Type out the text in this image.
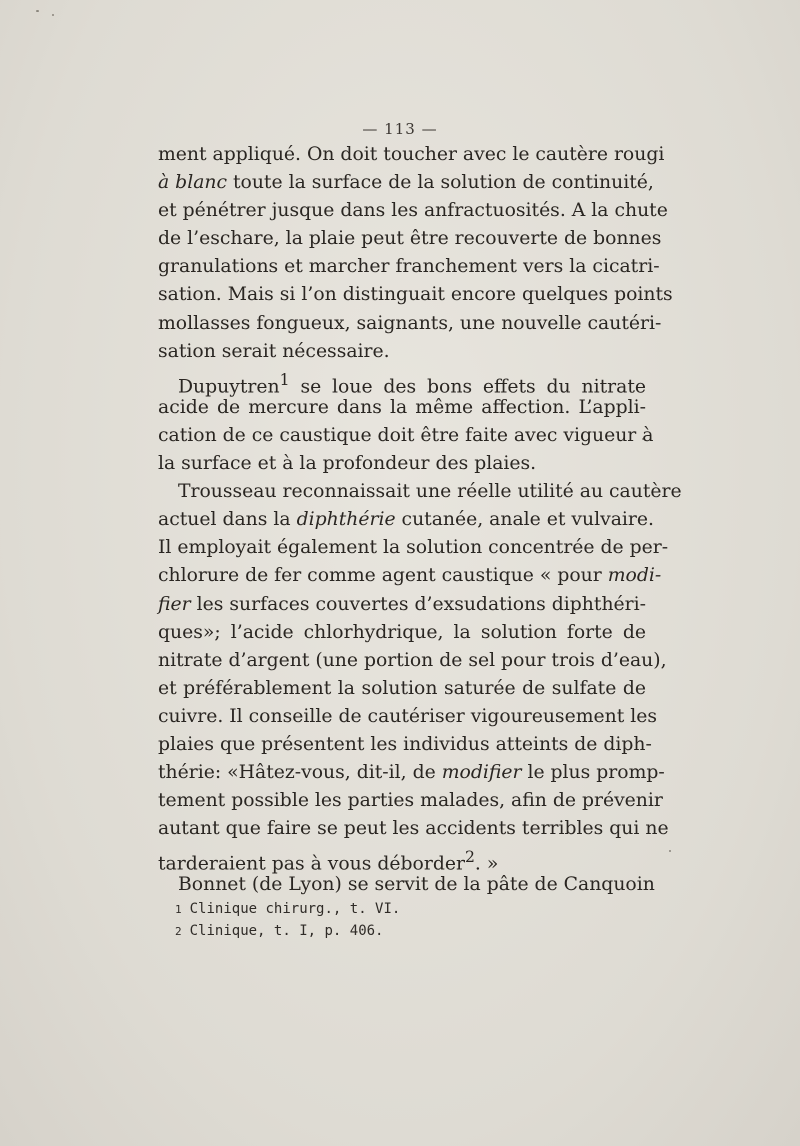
— 113 —
ment appliqué. On doit toucher avec le cautère rougi
à blanc toute la surface de la solution de continuité,
et pénétrer jusque dans les anfractuosités. A la chute
de l’eschare, la plaie peut être recouverte de bonnes
granulations et marcher franchement vers la cicatri-
sation. Mais si l’on distinguait encore quelques points
mollasses fongueux, saignants, une nouvelle cautéri-
sation serait nécessaire.
Dupuytren$^1$ se loue des bons effets du nitrate
acide de mercure dans la même affection. L’appli-
cation de ce caustique doit être faite avec vigueur à
la surface et à la profondeur des plaies.
Trousseau reconnaissait une réelle utilité au cautère
actuel dans la diphthérie cutanée, anale et vulvaire.
Il employait également la solution concentrée de per-
chlorure de fer comme agent caustique « pour modi-
fier les surfaces couvertes d’exsudations diphthéri-
ques»; l’acide chlorhydrique, la solution forte de
nitrate d’argent (une portion de sel pour trois d’eau),
et préférablement la solution saturée de sulfate de
cuivre. Il conseille de cautériser vigoureusement les
plaies que présentent les individus atteints de diph-
thérie: «Hâtez-vous, dit-il, de modifier le plus promp-
tement possible les parties malades, afin de prévenir
autant que faire se peut les accidents terribles qui ne
tarderaient pas à vous déborder$^2$. »
Bonnet (de Lyon) se servit de la pâte de Canquoin
1 Clinique chirurg., t. VI.
2 Clinique, t. I, p. 406.
